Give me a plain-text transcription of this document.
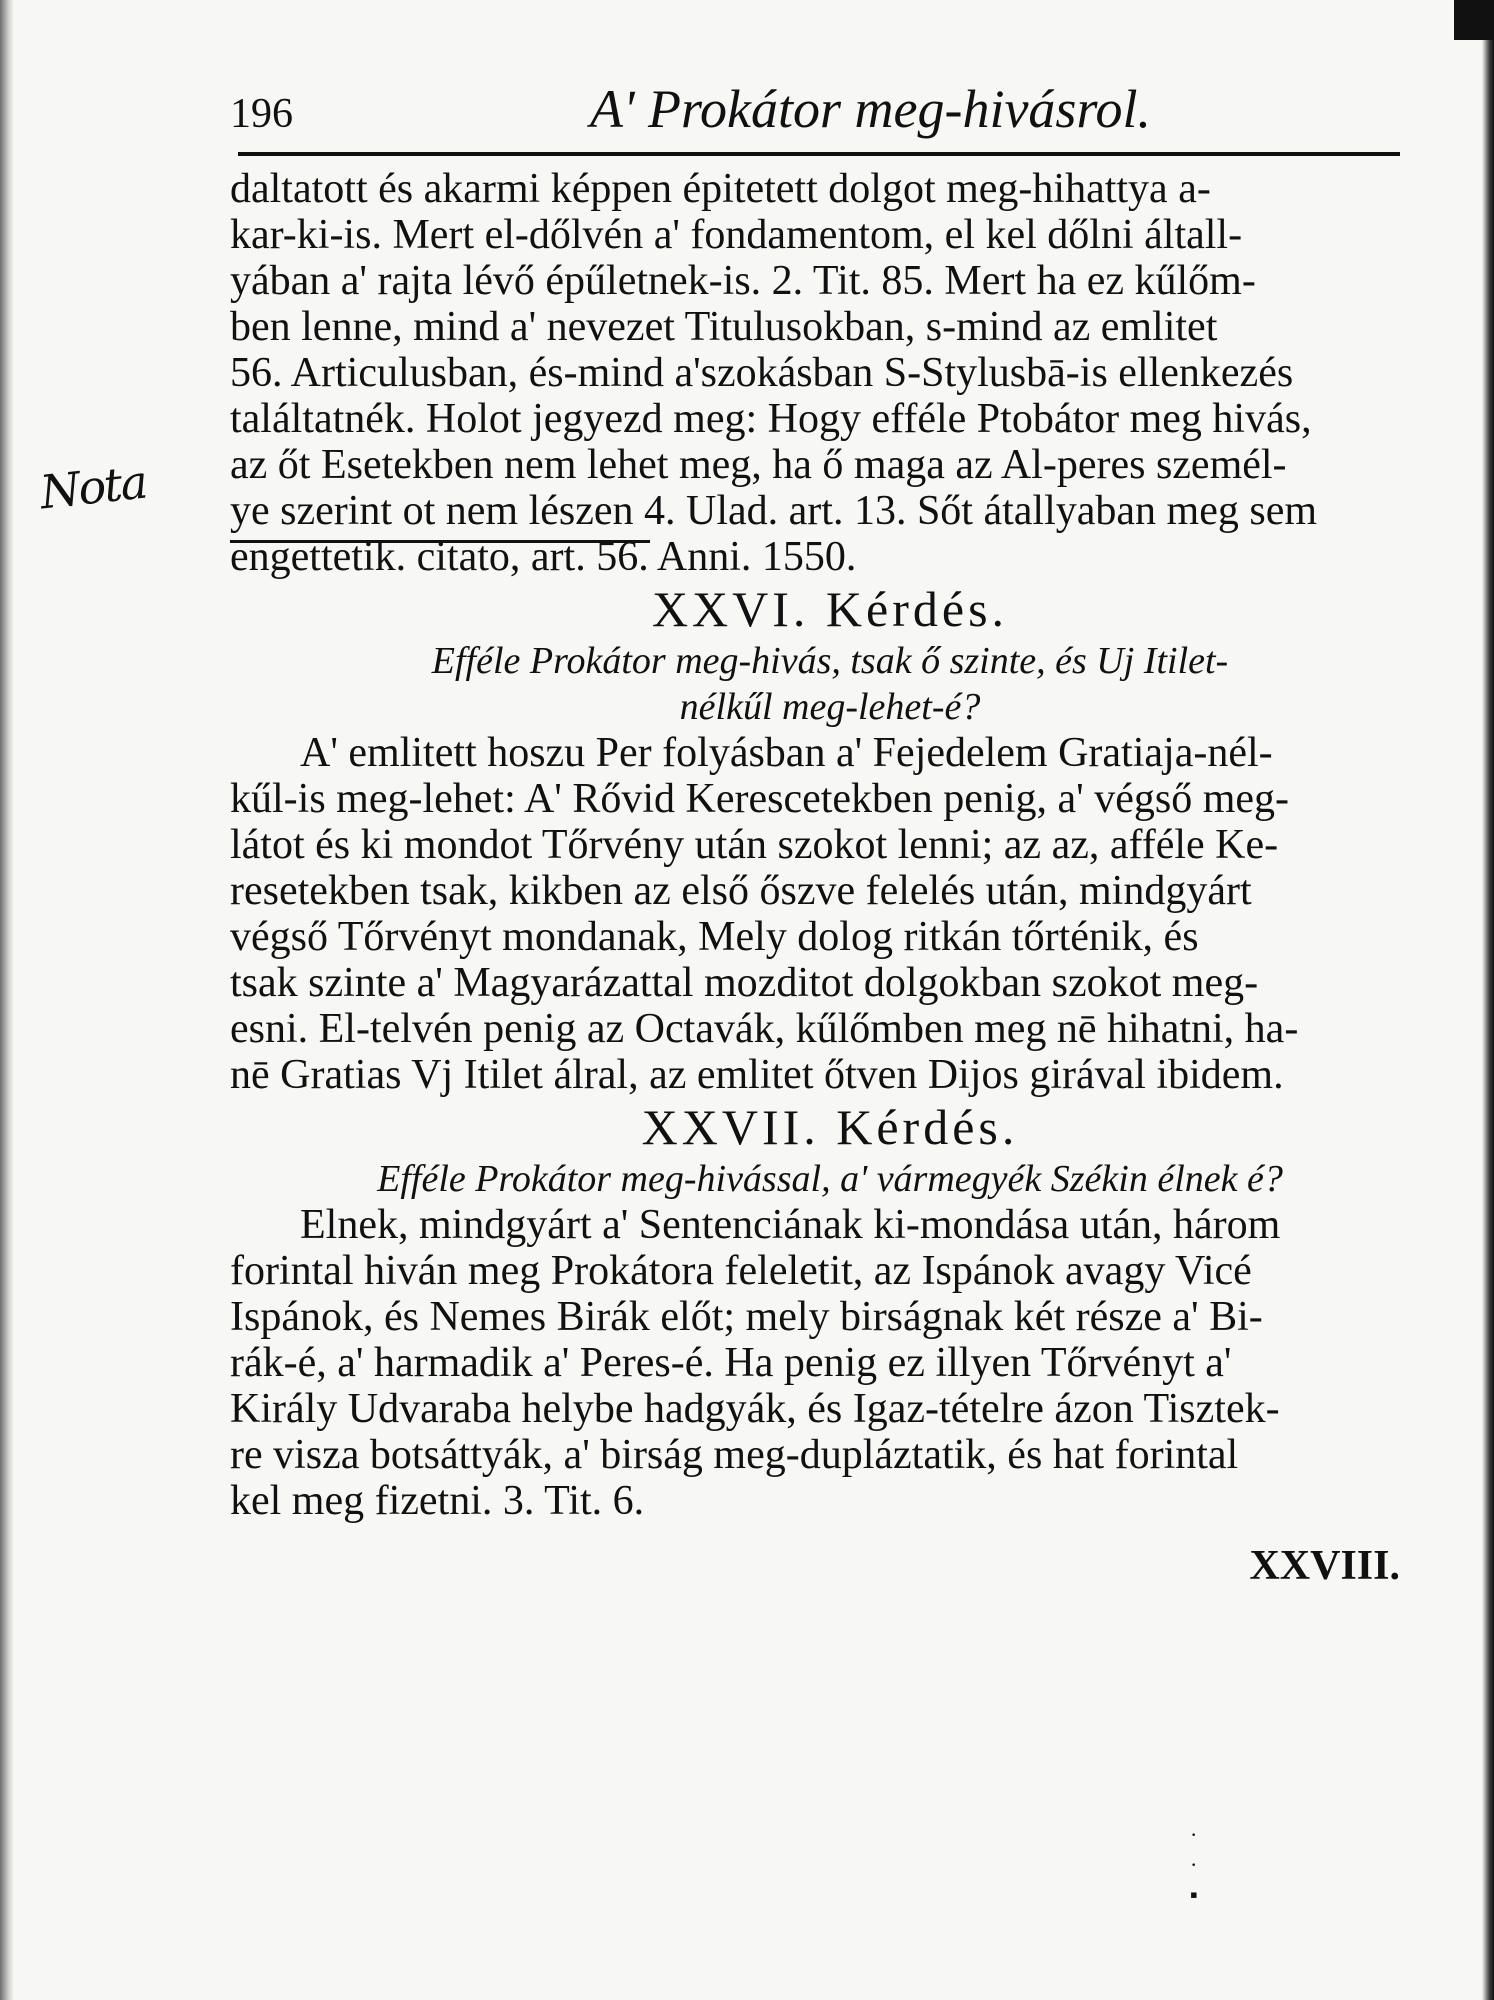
Nota
196	A' Prokátor meg-hivásrol.
daltatott és akarmi képpen épitetett dolgot meg-hihattya a-
kar-ki-is. Mert el-dőlvén a' fondamentom, el kel dőlni általl-
yában a' rajta lévő épűletnek-is. 2. Tit. 85. Mert ha ez kűlőm-
ben lenne, mind a' nevezet Titulusokban, s-mind az emlitet
56. Articulusban, és-mind a'szokásban S-Stylusbā-is ellenkezés
találtatnék. Holot jegyezd meg: Hogy efféle Ptobátor meg hivás,
az őt Esetekben nem lehet meg, ha ő maga az Al-peres személ-
ye szerint ot nem lészen 4. Ulad. art. 13. Sőt átallyaban meg sem
engettetik. citato, art. 56. Anni. 1550.
XXVI. Kérdés.
Efféle Prokátor meg-hivás, tsak ő szinte, és Uj Itilet-
nélkűl meg-lehet-é?
A' emlitett hoszu Per folyásban a' Fejedelem Gratiaja-nél-
kűl-is meg-lehet: A' Rővid Kerescetekben penig, a' végső meg-
látot és ki mondot Tőrvény után szokot lenni; az az, afféle Ke-
resetekben tsak, kikben az első őszve felelés után, mindgyárt
végső Tőrvényt mondanak, Mely dolog ritkán tőrténik, és
tsak szinte a' Magyarázattal mozditot dolgokban szokot meg-
esni. El-telvén penig az Octavák, kűlőmben meg nē hihatni, ha-
nē Gratias Vj Itilet álral, az emlitet őtven Dijos girával ibidem.
XXVII. Kérdés.
Efféle Prokátor meg-hivással, a' vármegyék Székin élnek é?
Elnek, mindgyárt a' Sentenciának ki-mondása után, három
forintal hiván meg Prokátora feleletit, az Ispánok avagy Vicé
Ispánok, és Nemes Birák előt; mely birságnak két része a' Bi-
rák-é, a' harmadik a' Peres-é. Ha penig ez illyen Tőrvényt a'
Király Udvaraba helybe hadgyák, és Igaz-tételre ázon Tisztek-
re visza botsáttyák, a' birság meg-dupláztatik, és hat forintal
kel meg fizetni. 3. Tit. 6.
XXVIII.
·
·
▪
